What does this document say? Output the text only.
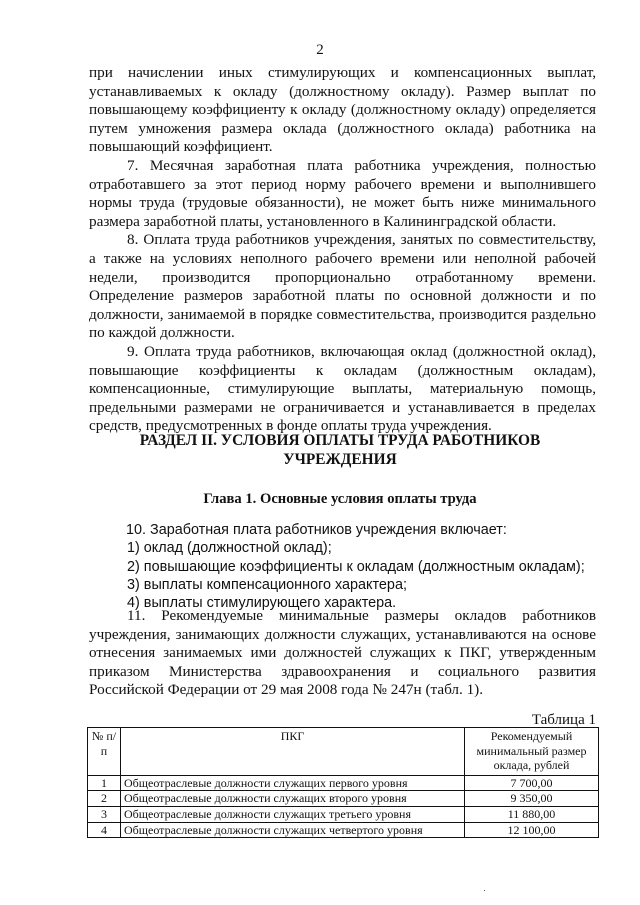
2

при начислении иных стимулирующих и компенсационных выплат, устанавливаемых к окладу (должностному окладу). Размер выплат по повышающему коэффициенту к окладу (должностному окладу) определяется путем умножения размера оклада (должностного оклада) работника на повышающий коэффициент.

7. Месячная заработная плата работника учреждения, полностью отработавшего за этот период норму рабочего времени и выполнившего нормы труда (трудовые обязанности), не может быть ниже минимального размера заработной платы, установленного в Калининградской области.

8. Оплата труда работников учреждения, занятых по совместительству, а также на условиях неполного рабочего времени или неполной рабочей недели, производится пропорционально отработанному времени. Определение размеров заработной платы по основной должности и по должности, занимаемой в порядке совместительства, производится раздельно по каждой должности.

9. Оплата труда работников, включающая оклад (должностной оклад), повышающие коэффициенты к окладам (должностным окладам), компенсационные, стимулирующие выплаты, материальную помощь, предельными размерами не ограничивается и устанавливается в пределах средств, предусмотренных в фонде оплаты труда учреждения.

РАЗДЕЛ II. УСЛОВИЯ ОПЛАТЫ ТРУДА РАБОТНИКОВ УЧРЕЖДЕНИЯ
Глава 1. Основные условия оплаты труда

10. Заработная плата работников учреждения включает:

1) оклад (должностной оклад);

2) повышающие коэффициенты к окладам (должностным окладам);

3) выплаты компенсационного характера;

4) выплаты стимулирующего характера.

11. Рекомендуемые минимальные размеры окладов работников учреждения, занимающих должности служащих, устанавливаются на основе отнесения занимаемых ими должностей служащих к ПКГ, утвержденным приказом Министерства здравоохранения и социального развития Российской Федерации от 29 мая 2008 года № 247н (табл. 1).

Таблица 1
№ п/п	ПКГ	Рекомендуемый минимальный размер оклада, рублей
1	Общеотраслевые должности служащих первого уровня	7 700,00
2	Общеотраслевые должности служащих второго уровня	9 350,00
3	Общеотраслевые должности служащих третьего уровня	11 880,00
4	Общеотраслевые должности служащих четвертого уровня	12 100,00
